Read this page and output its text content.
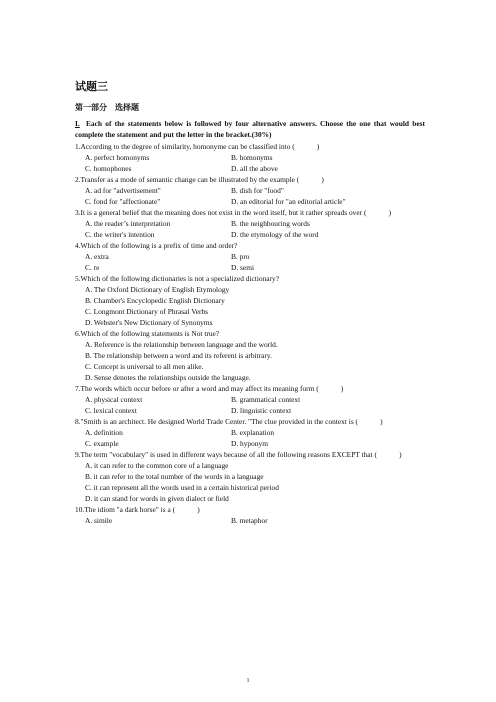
试题三
第一部分　选择题
I. Each of the statements below is followed by four alternative answers. Choose the one that would best complete the statement and put the letter in the bracket.(30%)
1.According to the degree of similarity, homonyme can be classified into (　　　)
A. perfect homonyms	B. homonyms
C. homophones	D. all the above
2.Transfer as a mode of semantic change can be illustrated by the example (　　　)
A. ad for "advertisement"	B. dish for "food"
C. fond for "affectionate"	D. an editorial for "an editorial article"
3.It is a general belief that the meaning does not exist in the word itself, but it rather spreads over (　　　)
A. the reader’s interpretation	B. the neighbouring words
C. the writer's intention	D. the etymology of the word
4.Which of the following is a prefix of time and order?
A. extra	B. pro
C. re	D. semi
5.Which of the following dictionaries is not a specialized dictionary?
A. The Oxford Dictionary of English Etymology
B. Chamber's Encyclopedic English Dictionary
C. Longmont Dictionary of Phrasal Verbs
D. Webster's New Dictionary of Synonyms
6.Which of the following statements is Not true?
A. Reference is the relationship between language and the world.
B. The relationship between a word and its referent is arbitrary.
C. Concept is universal to all men alike.
D. Sense denotes the relationships outside the language.
7.The words which occur before or after a word and may affect its meaning form (　　　)
A. physical context	B. grammatical context
C. lexical context	D. linguistic context
8."Smith is an architect. He designed World Trade Center. "The clue provided in the context is (　　　)
A. definition	B. explanation
C. example	D. hyponym
9.The term "vocabulary" is used in different ways because of all the following reasons EXCEPT that (　　　)
A. it can refer to the common core of a language
B. it can refer to the total number of the words in a language
C. it can represent all the words used in a certain historical period
D. it can stand for words in given dialect or field
10.The idiom "a dark horse" is a (　　　)
A. simile	B. metaphor
1
